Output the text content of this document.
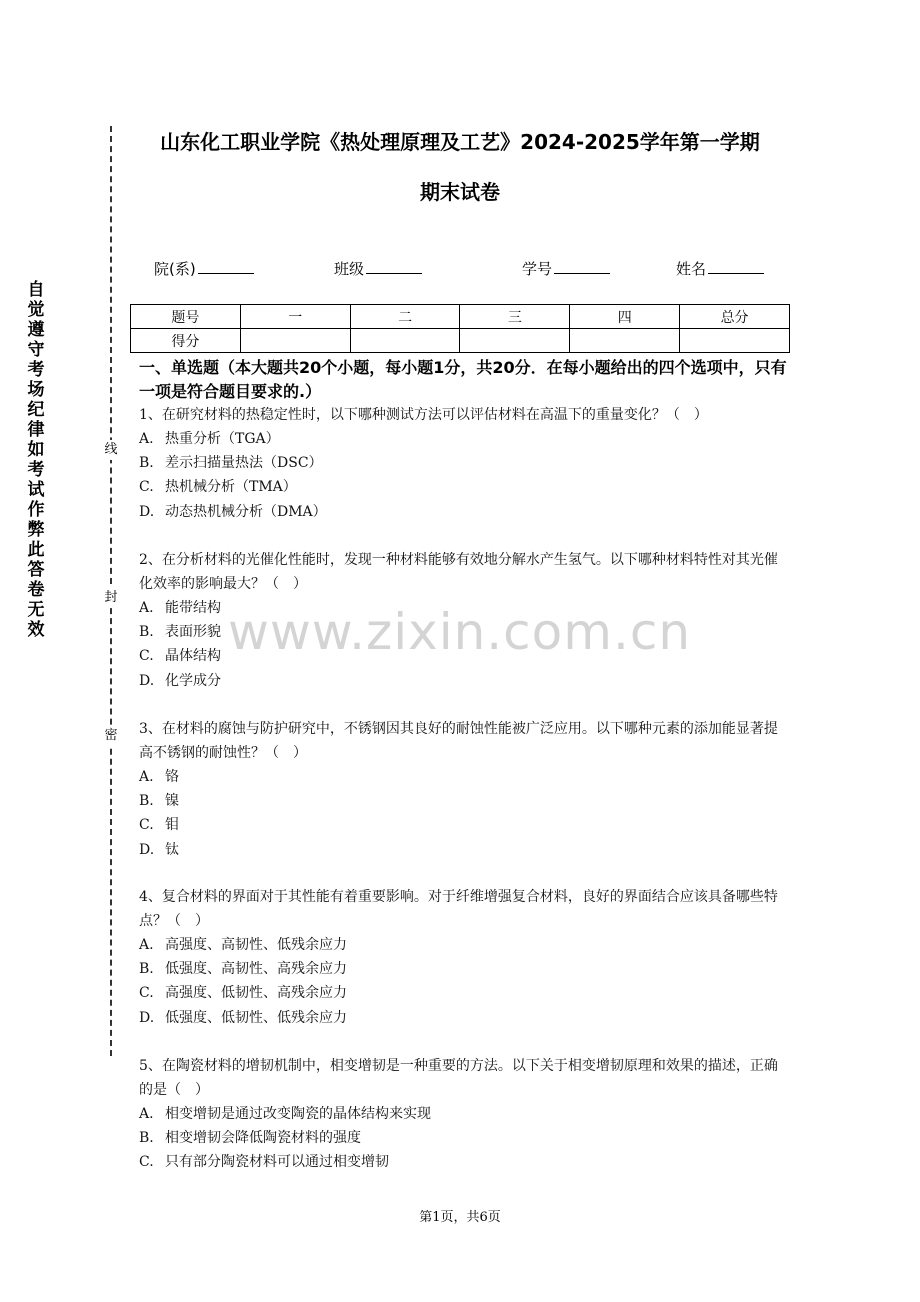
自觉遵守考场纪律如考试作弊此答卷无效
线
封
密
山东化工职业学院《热处理原理及工艺》2024-2025学年第一学期
期末试卷
院(系)	班级	学号	姓名
题号	一	二	三	四	总分
得分					
一、单选题（本大题共20个小题，每小题1分，共20分．在每小题给出的四个选项中，只有一项是符合题目要求的.）
www.zixin.com.cn

1、在研究材料的热稳定性时，以下哪种测试方法可以评估材料在高温下的重量变化？（　）

A. 热重分析（TGA）

B. 差示扫描量热法（DSC）

C. 热机械分析（TMA）

D. 动态热机械分析（DMA）

2、在分析材料的光催化性能时，发现一种材料能够有效地分解水产生氢气。以下哪种材料特性对其光催化效率的影响最大？（　）

A. 能带结构

B. 表面形貌

C. 晶体结构

D. 化学成分

3、在材料的腐蚀与防护研究中，不锈钢因其良好的耐蚀性能被广泛应用。以下哪种元素的添加能显著提高不锈钢的耐蚀性？（　）

A. 铬

B. 镍

C. 钼

D. 钛

4、复合材料的界面对于其性能有着重要影响。对于纤维增强复合材料，良好的界面结合应该具备哪些特点？（　）

A. 高强度、高韧性、低残余应力

B. 低强度、高韧性、高残余应力

C. 高强度、低韧性、高残余应力

D. 低强度、低韧性、低残余应力

5、在陶瓷材料的增韧机制中，相变增韧是一种重要的方法。以下关于相变增韧原理和效果的描述，正确的是（　）

A. 相变增韧是通过改变陶瓷的晶体结构来实现

B. 相变增韧会降低陶瓷材料的强度

C. 只有部分陶瓷材料可以通过相变增韧

第1页，共6页
